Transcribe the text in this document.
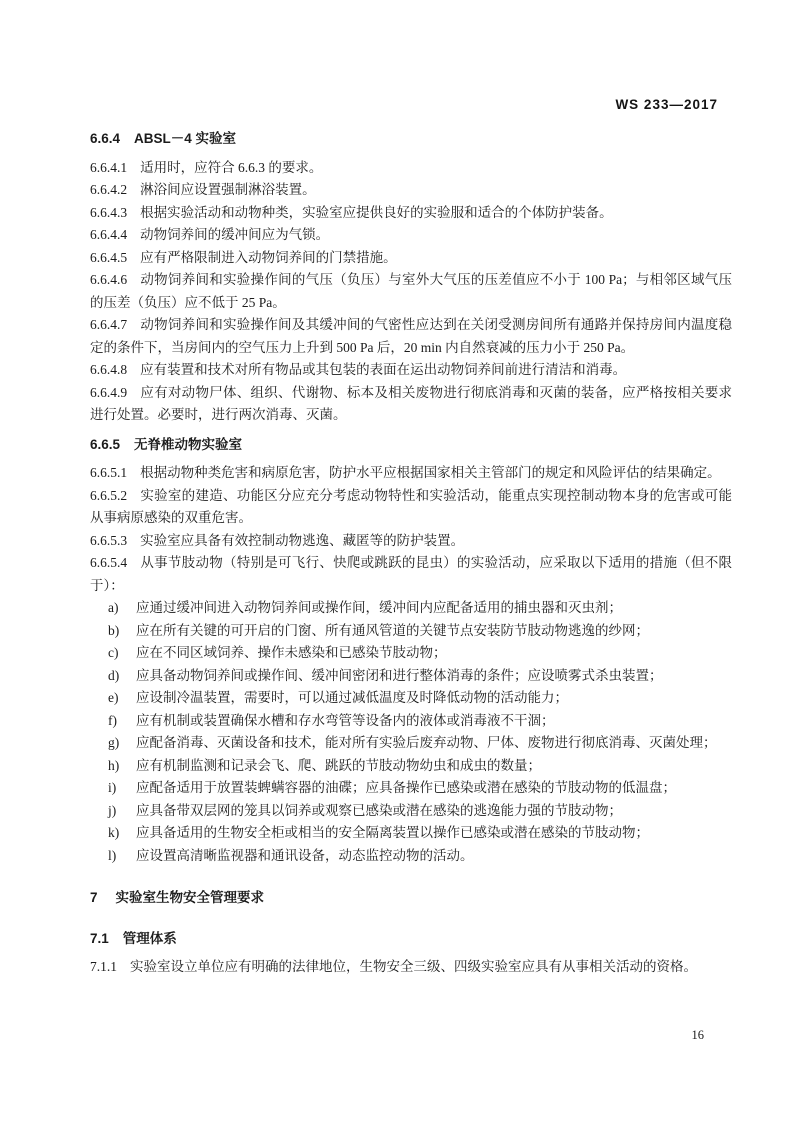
WS 233—2017
6.6.4 ABSL－4 实验室

6.6.4.1 适用时，应符合 6.6.3 的要求。

6.6.4.2 淋浴间应设置强制淋浴装置。

6.6.4.3 根据实验活动和动物种类，实验室应提供良好的实验服和适合的个体防护装备。

6.6.4.4 动物饲养间的缓冲间应为气锁。

6.6.4.5 应有严格限制进入动物饲养间的门禁措施。

6.6.4.6 动物饲养间和实验操作间的气压（负压）与室外大气压的压差值应不小于 100 Pa；与相邻区域气压的压差（负压）应不低于 25 Pa。

6.6.4.7 动物饲养间和实验操作间及其缓冲间的气密性应达到在关闭受测房间所有通路并保持房间内温度稳定的条件下，当房间内的空气压力上升到 500 Pa 后，20 min 内自然衰减的压力小于 250 Pa。

6.6.4.8 应有装置和技术对所有物品或其包装的表面在运出动物饲养间前进行清洁和消毒。

6.6.4.9 应有对动物尸体、组织、代谢物、标本及相关废物进行彻底消毒和灭菌的装备，应严格按相关要求进行处置。必要时，进行两次消毒、灭菌。

6.6.5 无脊椎动物实验室

6.6.5.1 根据动物种类危害和病原危害，防护水平应根据国家相关主管部门的规定和风险评估的结果确定。

6.6.5.2 实验室的建造、功能区分应充分考虑动物特性和实验活动，能重点实现控制动物本身的危害或可能从事病原感染的双重危害。

6.6.5.3 实验室应具备有效控制动物逃逸、藏匿等的防护装置。

6.6.5.4 从事节肢动物（特别是可飞行、快爬或跳跃的昆虫）的实验活动，应采取以下适用的措施（但不限于）：

a) 应通过缓冲间进入动物饲养间或操作间，缓冲间内应配备适用的捕虫器和灭虫剂；
b) 应在所有关键的可开启的门窗、所有通风管道的关键节点安装防节肢动物逃逸的纱网；
c) 应在不同区域饲养、操作未感染和已感染节肢动物；
d) 应具备动物饲养间或操作间、缓冲间密闭和进行整体消毒的条件；应设喷雾式杀虫装置；
e) 应设制冷温装置，需要时，可以通过减低温度及时降低动物的活动能力；
f) 应有机制或装置确保水槽和存水弯管等设备内的液体或消毒液不干涸；
g) 应配备消毒、灭菌设备和技术，能对所有实验后废弃动物、尸体、废物进行彻底消毒、灭菌处理；
h) 应有机制监测和记录会飞、爬、跳跃的节肢动物幼虫和成虫的数量；
i) 应配备适用于放置装蜱螨容器的油碟；应具备操作已感染或潜在感染的节肢动物的低温盘；
j) 应具备带双层网的笼具以饲养或观察已感染或潜在感染的逃逸能力强的节肢动物；
k) 应具备适用的生物安全柜或相当的安全隔离装置以操作已感染或潜在感染的节肢动物；
l) 应设置高清晰监视器和通讯设备，动态监控动物的活动。
7 实验室生物安全管理要求
7.1 管理体系

7.1.1 实验室设立单位应有明确的法律地位，生物安全三级、四级实验室应具有从事相关活动的资格。

16
